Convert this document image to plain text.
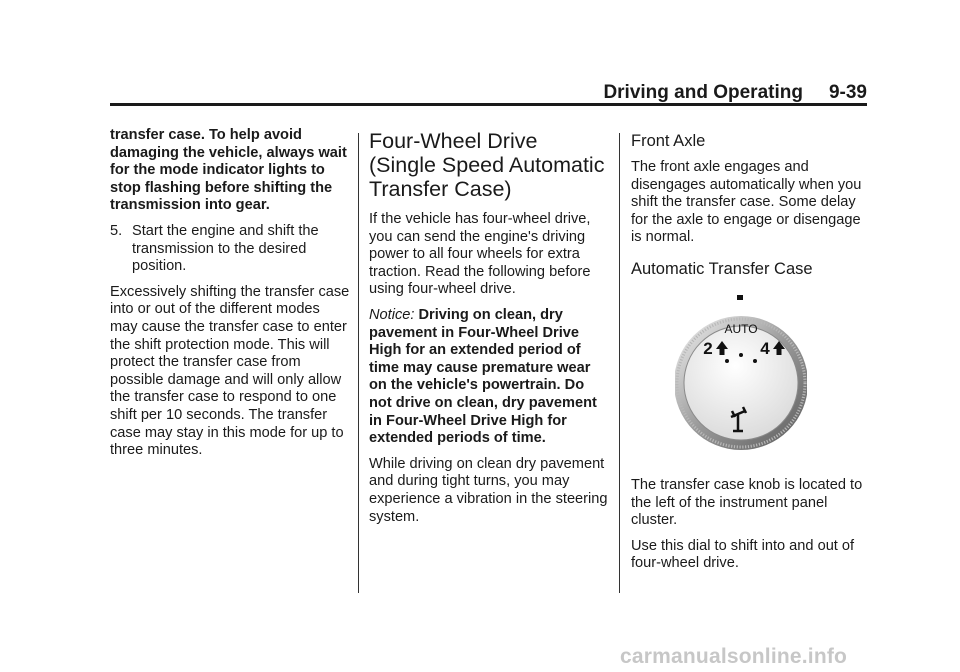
Driving and Operating 9-39

transfer case. To help avoid damaging the vehicle, always wait for the mode indicator lights to stop flashing before shifting the transmission into gear.

5. Start the engine and shift the transmission to the desired position.

Excessively shifting the transfer case into or out of the different modes may cause the transfer case to enter the shift protection mode. This will protect the transfer case from possible damage and will only allow the transfer case to respond to one shift per 10 seconds. The transfer case may stay in this mode for up to three minutes.

Four-Wheel Drive (Single Speed Automatic Transfer Case)

If the vehicle has four-wheel drive, you can send the engine's driving power to all four wheels for extra traction. Read the following before using four-wheel drive.

Notice: Driving on clean, dry pavement in Four-Wheel Drive High for an extended period of time may cause premature wear on the vehicle's powertrain. Do not drive on clean, dry pavement in Four-Wheel Drive High for extended periods of time.

While driving on clean dry pavement and during tight turns, you may experience a vibration in the steering system.

Front Axle

The front axle engages and disengages automatically when you shift the transfer case. Some delay for the axle to engage or disengage is normal.

Automatic Transfer Case
AUTO
2	4

The transfer case knob is located to the left of the instrument panel cluster.

Use this dial to shift into and out of four-wheel drive.

carmanualsonline.info
